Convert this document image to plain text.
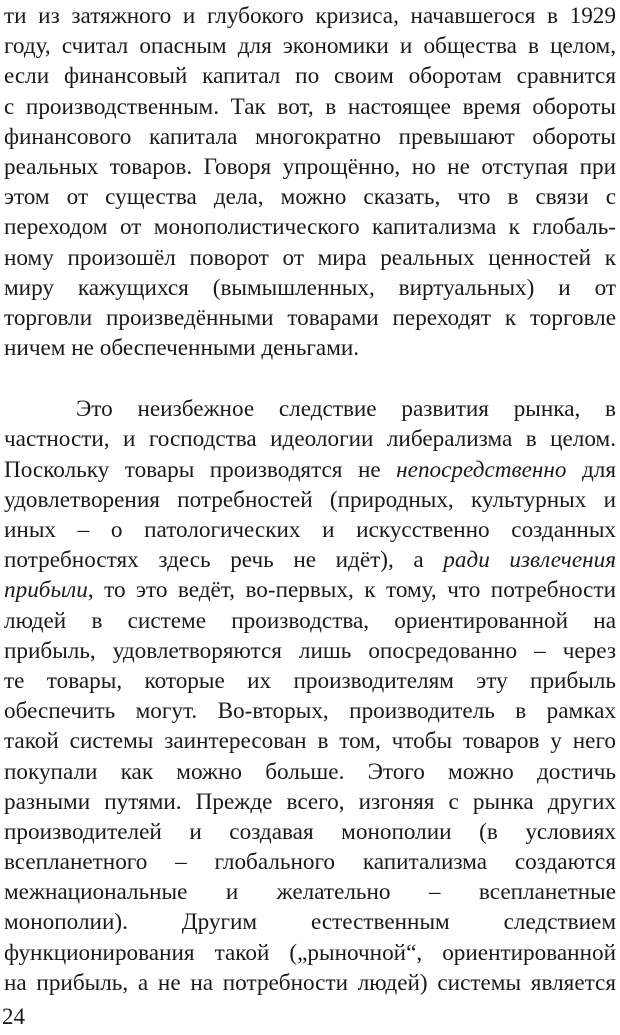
ти из затяжного и глубокого кризиса, начавшегося в 1929
году, считал опасным для экономики и общества в целом,
если финансовый капитал по своим оборотам сравнится
с производственным. Так вот, в настоящее время обороты
финансового капитала многократно превышают обороты
реальных товаров. Говоря упрощённо, но не отступая при
этом от существа дела, можно сказать, что в связи с
переходом от монополистического капитализма к глобаль-
ному произошёл поворот от мира реальных ценностей к
миру кажущихся (вымышленных, виртуальных) и от
торговли произведёнными товарами переходят к торговле
ничем не обеспеченными деньгами.
Это неизбежное следствие развития рынка, в
частности, и господства идеологии либерализма в целом.
Поскольку товары производятся не непосредственно для
удовлетворения потребностей (природных, культурных и
иных – о патологических и искусственно созданных
потребностях здесь речь не идёт), а ради извлечения
прибыли, то это ведёт, во-первых, к тому, что потребности
людей в системе производства, ориентированной на
прибыль, удовлетворяются лишь опосредованно – через
те товары, которые их производителям эту прибыль
обеспечить могут. Во-вторых, производитель в рамках
такой системы заинтересован в том, чтобы товаров у него
покупали как можно больше. Этого можно достичь
разными путями. Прежде всего, изгоняя с рынка других
производителей и создавая монополии (в условиях
всепланетного – глобального капитализма создаются
межнациональные и желательно – всепланетные
монополии). Другим естественным следствием
функционирования такой („рыночной“, ориентированной
на прибыль, а не на потребности людей) системы является
24
